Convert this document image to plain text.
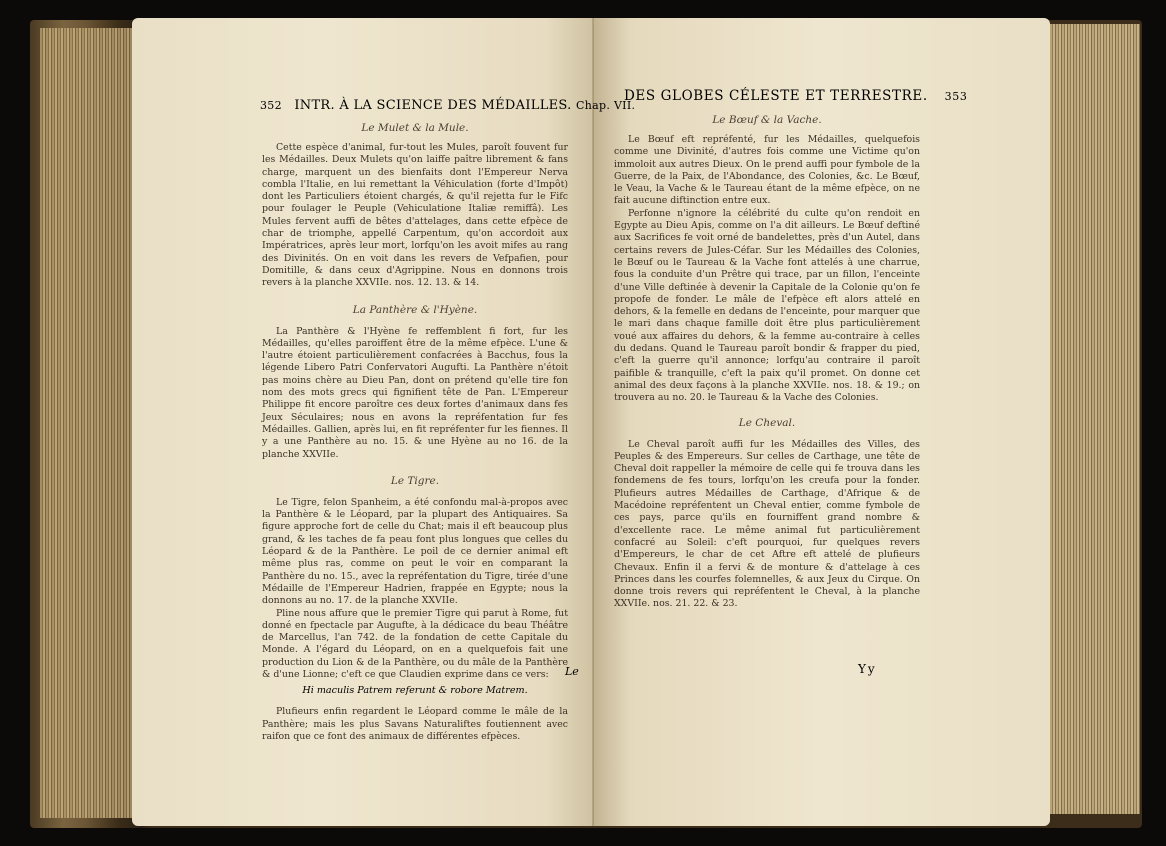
352 INTR. À LA SCIENCE DES MÉDAILLES. Chap. VII.
Le Mulet & la Mule.

Cette espèce d'animal, fur-tout les Mules, paroît fouvent fur les Médailles. Deux Mulets qu'on laiffe paître librement & fans charge, marquent un des bienfaits dont l'Empereur Nerva combla l'Italie, en lui remettant la Véhiculation (forte d'Impôt) dont les Particuliers étoient chargés, & qu'il rejetta fur le Fifc pour foulager le Peuple (Vehiculatione Italiæ remiffâ). Les Mules fervent auffi de bêtes d'attelages, dans cette efpèce de char de triomphe, appellé Carpentum, qu'on accordoit aux Impératrices, après leur mort, lorfqu'on les avoit mifes au rang des Divinités. On en voit dans les revers de Vefpafien, pour Domitille, & dans ceux d'Agrippine. Nous en donnons trois revers à la planche XXVIIe. nos. 12. 13. & 14.

La Panthère & l'Hyène.

La Panthère & l'Hyène fe reffemblent fi fort, fur les Médailles, qu'elles paroiffent être de la même efpèce. L'une & l'autre étoient particulièrement confacrées à Bacchus, fous la légende Libero Patri Confervatori Augufti. La Panthère n'étoit pas moins chère au Dieu Pan, dont on prétend qu'elle tire fon nom des mots grecs qui fignifient tête de Pan. L'Empereur Philippe fit encore paroître ces deux fortes d'animaux dans fes Jeux Séculaires; nous en avons la repréfentation fur fes Médailles. Gallien, après lui, en fit repréfenter fur les fiennes. Il y a une Panthère au no. 15. & une Hyène au no 16. de la planche XXVIIe.

Le Tigre.

Le Tigre, felon Spanheim, a été confondu mal-à-propos avec la Panthère & le Léopard, par la plupart des Antiquaires. Sa figure approche fort de celle du Chat; mais il eft beaucoup plus grand, & les taches de fa peau font plus longues que celles du Léopard & de la Panthère. Le poil de ce dernier animal eft même plus ras, comme on peut le voir en comparant la Panthère du no. 15., avec la repréfentation du Tigre, tirée d'une Médaille de l'Empereur Hadrien, frappée en Egypte; nous la donnons au no. 17. de la planche XXVIIe.

Pline nous affure que le premier Tigre qui parut à Rome, fut donné en fpectacle par Augufte, à la dédicace du beau Théâtre de Marcellus, l'an 742. de la fondation de cette Capitale du Monde. A l'égard du Léopard, on en a quelquefois fait une production du Lion & de la Panthère, ou du mâle de la Panthère & d'une Lionne; c'eft ce que Claudien exprime dans ce vers:

Hi maculis Patrem referunt & robore Matrem.

Plufieurs enfin regardent le Léopard comme le mâle de la Panthère; mais les plus Savans Naturaliftes foutiennent avec raifon que ce font des animaux de différentes efpèces.

Le
DES GLOBES CÉLESTE ET TERRESTRE. 353
Le Bœuf & la Vache.

Le Bœuf eft repréfenté, fur les Médailles, quelquefois comme une Divinité, d'autres fois comme une Victime qu'on immoloit aux autres Dieux. On le prend auffi pour fymbole de la Guerre, de la Paix, de l'Abondance, des Colonies, &c. Le Bœuf, le Veau, la Vache & le Taureau étant de la même efpèce, on ne fait aucune diftinction entre eux.

Perfonne n'ignore la célébrité du culte qu'on rendoit en Egypte au Dieu Apis, comme on l'a dit ailleurs. Le Bœuf deftiné aux Sacrifices fe voit orné de bandelettes, près d'un Autel, dans certains revers de Jules-Céfar. Sur les Médailles des Colonies, le Bœuf ou le Taureau & la Vache font attelés à une charrue, fous la conduite d'un Prêtre qui trace, par un fillon, l'enceinte d'une Ville deftinée à devenir la Capitale de la Colonie qu'on fe propofe de fonder. Le mâle de l'efpèce eft alors attelé en dehors, & la femelle en dedans de l'enceinte, pour marquer que le mari dans chaque famille doit être plus particulièrement voué aux affaires du dehors, & la femme au-contraire à celles du dedans. Quand le Taureau paroît bondir & frapper du pied, c'eft la guerre qu'il annonce; lorfqu'au contraire il paroît paifible & tranquille, c'eft la paix qu'il promet. On donne cet animal des deux façons à la planche XXVIIe. nos. 18. & 19.; on trouvera au no. 20. le Taureau & la Vache des Colonies.

Le Cheval.

Le Cheval paroît auffi fur les Médailles des Villes, des Peuples & des Empereurs. Sur celles de Carthage, une tête de Cheval doit rappeller la mémoire de celle qui fe trouva dans les fondemens de fes tours, lorfqu'on les creufa pour la fonder. Plufieurs autres Médailles de Carthage, d'Afrique & de Macédoine repréfentent un Cheval entier, comme fymbole de ces pays, parce qu'ils en fourniffent grand nombre & d'excellente race. Le même animal fut particulièrement confacré au Soleil: c'eft pourquoi, fur quelques revers d'Empereurs, le char de cet Aftre eft attelé de plufieurs Chevaux. Enfin il a fervi & de monture & d'attelage à ces Princes dans les courfes folemnelles, & aux Jeux du Cirque. On donne trois revers qui repréfentent le Cheval, à la planche XXVIIe. nos. 21. 22. & 23.

Yy
